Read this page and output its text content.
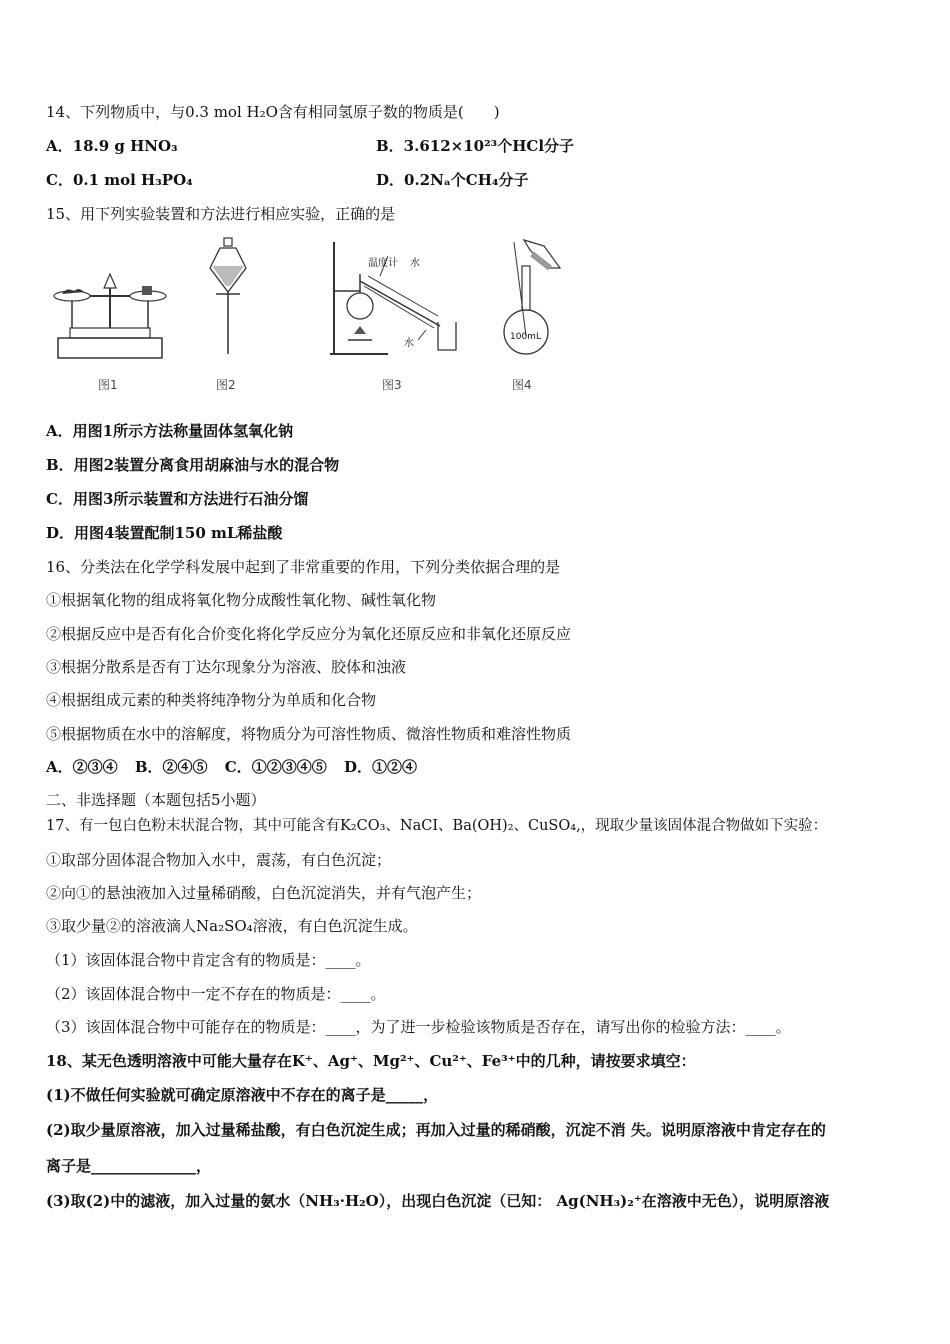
14、下列物质中，与0.3 mol H₂O含有相同氢原子数的物质是(　　)
A．18.9 g HNO₃	B．3.612×10²³个HCl分子
C．0.1 mol H₃PO₄	D．0.2Nₐ个CH₄分子
15、用下列实验装置和方法进行相应实验，正确的是
图1	图2
温度计 水
水
图3
100mL
图4
A．用图1所示方法称量固体氢氧化钠
B．用图2装置分离食用胡麻油与水的混合物
C．用图3所示装置和方法进行石油分馏
D．用图4装置配制150 mL稀盐酸
16、分类法在化学学科发展中起到了非常重要的作用，下列分类依据合理的是
①根据氧化物的组成将氧化物分成酸性氧化物、碱性氧化物
②根据反应中是否有化合价变化将化学反应分为氧化还原反应和非氧化还原反应
③根据分散系是否有丁达尔现象分为溶液、胶体和浊液
④根据组成元素的种类将纯净物分为单质和化合物
⑤根据物质在水中的溶解度，将物质分为可溶性物质、微溶性物质和难溶性物质
A．②③④ B．②④⑤ C．①②③④⑤ D．①②④
二、非选择题（本题包括5小题）
17、有一包白色粉末状混合物，其中可能含有K₂CO₃、NaCI、Ba(OH)₂、CuSO₄,，现取少量该固体混合物做如下实验：
①取部分固体混合物加入水中，震荡，有白色沉淀；
②向①的悬浊液加入过量稀硝酸，白色沉淀消失，并有气泡产生；
③取少量②的溶液滴人Na₂SO₄溶液，有白色沉淀生成。
（1）该固体混合物中肯定含有的物质是：____。
（2）该固体混合物中一定不存在的物质是：____。
（3）该固体混合物中可能存在的物质是：____，为了进一步检验该物质是否存在，请写出你的检验方法：____。
18、某无色透明溶液中可能大量存在K⁺、Ag⁺、Mg²⁺、Cu²⁺、Fe³⁺中的几种，请按要求填空：
(1)不做任何实验就可确定原溶液中不存在的离子是_____，
(2)取少量原溶液，加入过量稀盐酸，有白色沉淀生成；再加入过量的稀硝酸，沉淀不消 失。说明原溶液中肯定存在的
离子是______________，
(3)取(2)中的滤液，加入过量的氨水（NH₃·H₂O），出现白色沉淀（已知： Ag(NH₃)₂⁺在溶液中无色），说明原溶液
